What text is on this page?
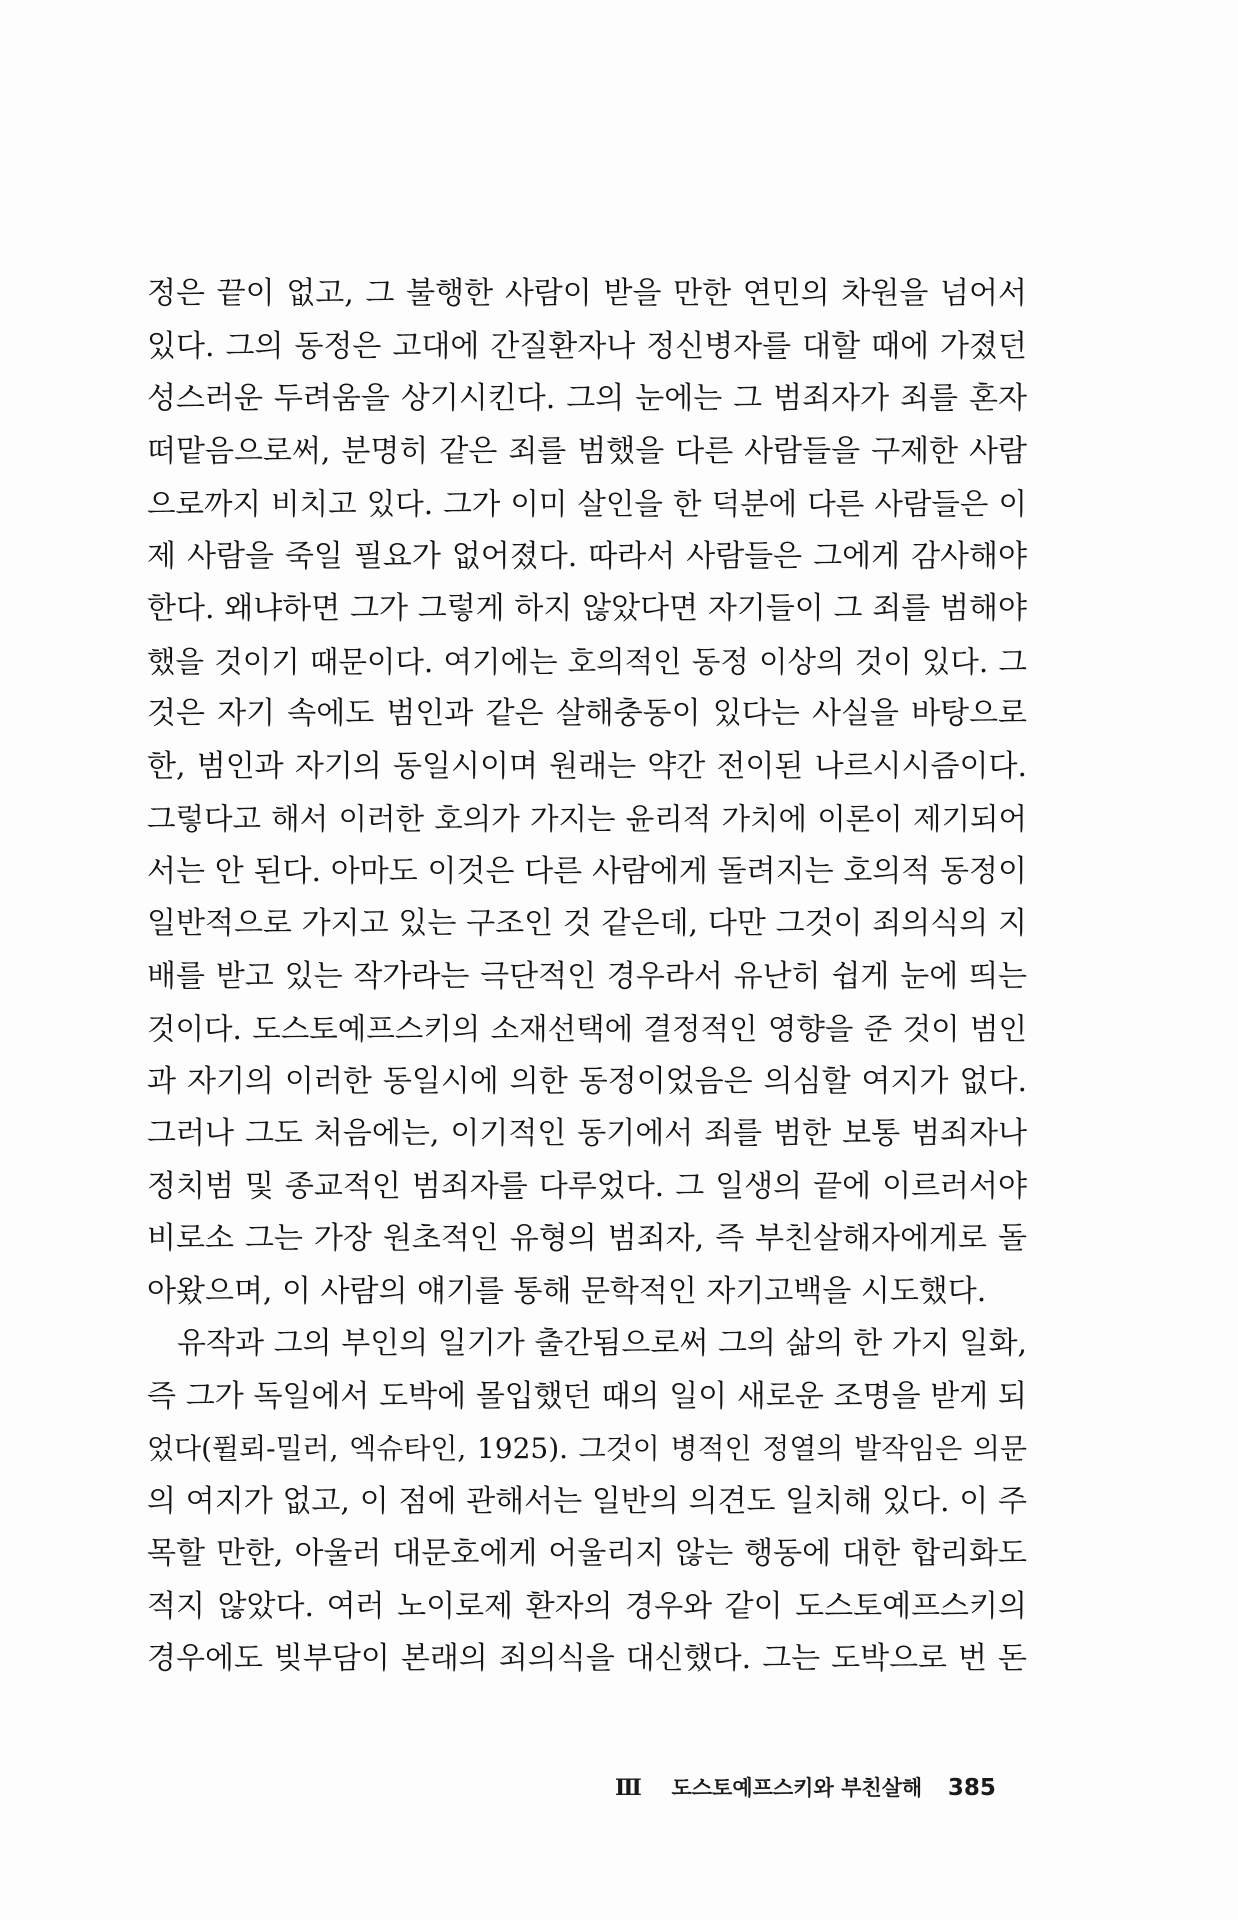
정은 끝이 없고, 그 불행한 사람이 받을 만한 연민의 차원을 넘어서
있다. 그의 동정은 고대에 간질환자나 정신병자를 대할 때에 가졌던
성스러운 두려움을 상기시킨다. 그의 눈에는 그 범죄자가 죄를 혼자
떠맡음으로써, 분명히 같은 죄를 범했을 다른 사람들을 구제한 사람
으로까지 비치고 있다. 그가 이미 살인을 한 덕분에 다른 사람들은 이
제 사람을 죽일 필요가 없어졌다. 따라서 사람들은 그에게 감사해야
한다. 왜냐하면 그가 그렇게 하지 않았다면 자기들이 그 죄를 범해야
했을 것이기 때문이다. 여기에는 호의적인 동정 이상의 것이 있다. 그
것은 자기 속에도 범인과 같은 살해충동이 있다는 사실을 바탕으로
한, 범인과 자기의 동일시이며 원래는 약간 전이된 나르시시즘이다.
그렇다고 해서 이러한 호의가 가지는 윤리적 가치에 이론이 제기되어
서는 안 된다. 아마도 이것은 다른 사람에게 돌려지는 호의적 동정이
일반적으로 가지고 있는 구조인 것 같은데, 다만 그것이 죄의식의 지
배를 받고 있는 작가라는 극단적인 경우라서 유난히 쉽게 눈에 띄는
것이다. 도스토예프스키의 소재선택에 결정적인 영향을 준 것이 범인
과 자기의 이러한 동일시에 의한 동정이었음은 의심할 여지가 없다.
그러나 그도 처음에는, 이기적인 동기에서 죄를 범한 보통 범죄자나
정치범 및 종교적인 범죄자를 다루었다. 그 일생의 끝에 이르러서야
비로소 그는 가장 원초적인 유형의 범죄자, 즉 부친살해자에게로 돌
아왔으며, 이 사람의 얘기를 통해 문학적인 자기고백을 시도했다.
유작과 그의 부인의 일기가 출간됨으로써 그의 삶의 한 가지 일화,
즉 그가 독일에서 도박에 몰입했던 때의 일이 새로운 조명을 받게 되
었다(퓔뢰-밀러, 엑슈타인, 1925). 그것이 병적인 정열의 발작임은 의문
의 여지가 없고, 이 점에 관해서는 일반의 의견도 일치해 있다. 이 주
목할 만한, 아울러 대문호에게 어울리지 않는 행동에 대한 합리화도
적지 않았다. 여러 노이로제 환자의 경우와 같이 도스토예프스키의
경우에도 빚부담이 본래의 죄의식을 대신했다. 그는 도박으로 번 돈
Ⅲ 도스토예프스키와 부친살해 385
